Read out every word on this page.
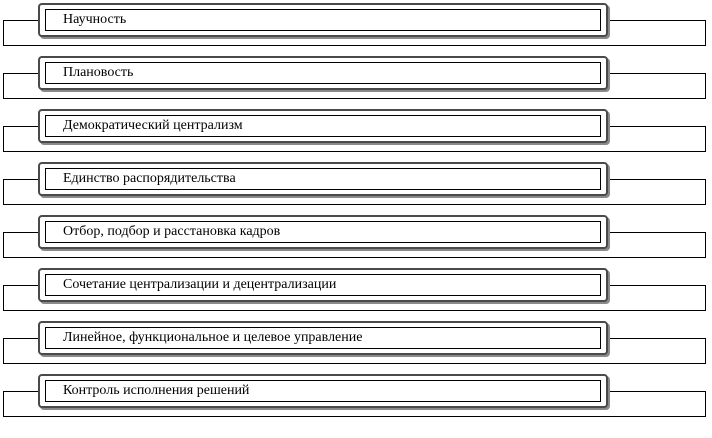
Научность
Плановость
Демократический централизм
Единство распорядительства
Отбор, подбор и расстановка кадров
Сочетание централизации и децентрализации
Линейное, функциональное и целевое управление
Контроль исполнения решений
